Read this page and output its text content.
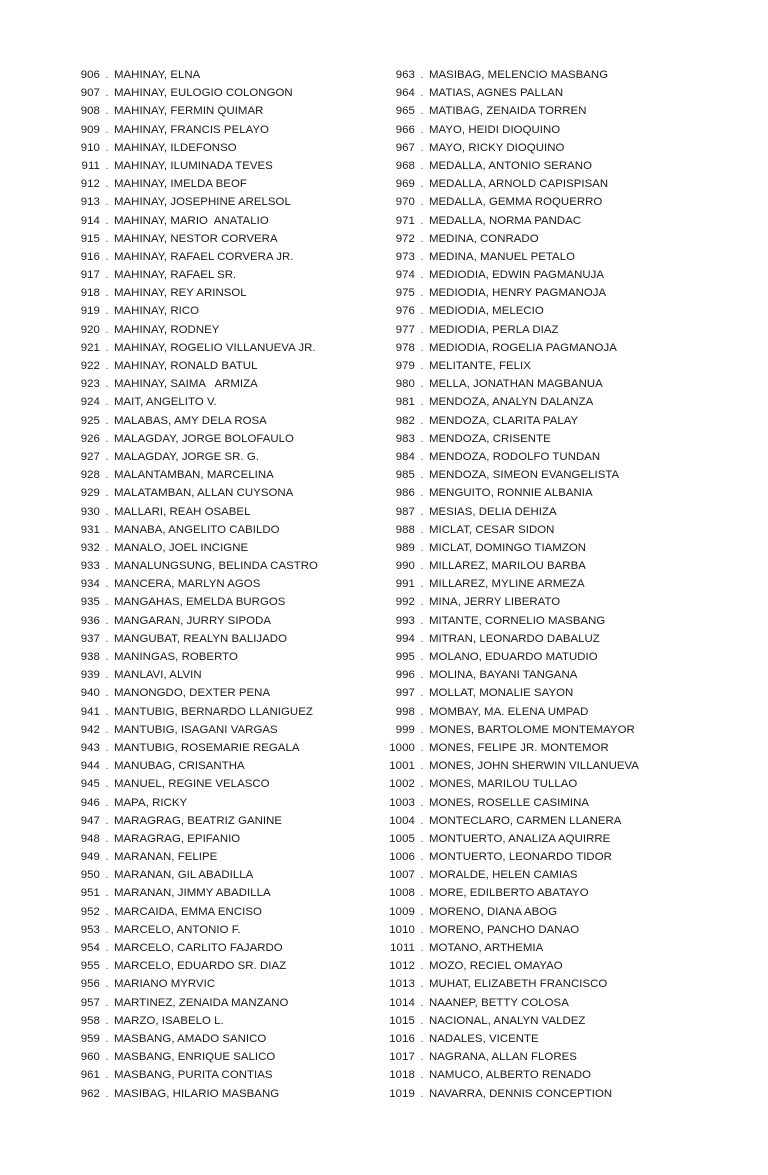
906 . MAHINAY, ELNA
907 . MAHINAY, EULOGIO COLONGON
908 . MAHINAY, FERMIN QUIMAR
909 . MAHINAY, FRANCIS PELAYO
910 . MAHINAY, ILDEFONSO
911 . MAHINAY, ILUMINADA TEVES
912 . MAHINAY, IMELDA BEOF
913 . MAHINAY, JOSEPHINE ARELSOL
914 . MAHINAY, MARIO  ANATALIO
915 . MAHINAY, NESTOR CORVERA
916 . MAHINAY, RAFAEL CORVERA JR.
917 . MAHINAY, RAFAEL SR.
918 . MAHINAY, REY ARINSOL
919 . MAHINAY, RICO
920 . MAHINAY, RODNEY
921 . MAHINAY, ROGELIO VILLANUEVA JR.
922 . MAHINAY, RONALD BATUL
923 . MAHINAY, SAIMA   ARMIZA
924 . MAIT, ANGELITO V.
925 . MALABAS, AMY DELA ROSA
926 . MALAGDAY, JORGE BOLOFAULO
927 . MALAGDAY, JORGE SR. G.
928 . MALANTAMBAN, MARCELINA
929 . MALATAMBAN, ALLAN CUYSONA
930 . MALLARI, REAH OSABEL
931 . MANABA, ANGELITO CABILDO
932 . MANALO, JOEL INCIGNE
933 . MANALUNGSUNG, BELINDA CASTRO
934 . MANCERA, MARLYN AGOS
935 . MANGAHAS, EMELDA BURGOS
936 . MANGARAN, JURRY SIPODA
937 . MANGUBAT, REALYN BALIJADO
938 . MANINGAS, ROBERTO
939 . MANLAVI, ALVIN
940 . MANONGDO, DEXTER PENA
941 . MANTUBIG, BERNARDO LLANIGUEZ
942 . MANTUBIG, ISAGANI VARGAS
943 . MANTUBIG, ROSEMARIE REGALA
944 . MANUBAG, CRISANTHA
945 . MANUEL, REGINE VELASCO
946 . MAPA, RICKY
947 . MARAGRAG, BEATRIZ GANINE
948 . MARAGRAG, EPIFANIO
949 . MARANAN, FELIPE
950 . MARANAN, GIL ABADILLA
951 . MARANAN, JIMMY ABADILLA
952 . MARCAIDA, EMMA ENCISO
953 . MARCELO, ANTONIO F.
954 . MARCELO, CARLITO FAJARDO
955 . MARCELO, EDUARDO SR. DIAZ
956 . MARIANO MYRVIC
957 . MARTINEZ, ZENAIDA MANZANO
958 . MARZO, ISABELO L.
959 . MASBANG, AMADO SANICO
960 . MASBANG, ENRIQUE SALICO
961 . MASBANG, PURITA CONTIAS
962 . MASIBAG, HILARIO MASBANG
963 . MASIBAG, MELENCIO MASBANG
964 . MATIAS, AGNES PALLAN
965 . MATIBAG, ZENAIDA TORREN
966 . MAYO, HEIDI DIOQUINO
967 . MAYO, RICKY DIOQUINO
968 . MEDALLA, ANTONIO SERANO
969 . MEDALLA, ARNOLD CAPISPISAN
970 . MEDALLA, GEMMA ROQUERRO
971 . MEDALLA, NORMA PANDAC
972 . MEDINA, CONRADO
973 . MEDINA, MANUEL PETALO
974 . MEDIODIA, EDWIN PAGMANUJA
975 . MEDIODIA, HENRY PAGMANOJA
976 . MEDIODIA, MELECIO
977 . MEDIODIA, PERLA DIAZ
978 . MEDIODIA, ROGELIA PAGMANOJA
979 . MELITANTE, FELIX
980 . MELLA, JONATHAN MAGBANUA
981 . MENDOZA, ANALYN DALANZA
982 . MENDOZA, CLARITA PALAY
983 . MENDOZA, CRISENTE
984 . MENDOZA, RODOLFO TUNDAN
985 . MENDOZA, SIMEON EVANGELISTA
986 . MENGUITO, RONNIE ALBANIA
987 . MESIAS, DELIA DEHIZA
988 . MICLAT, CESAR SIDON
989 . MICLAT, DOMINGO TIAMZON
990 . MILLAREZ, MARILOU BARBA
991 . MILLAREZ, MYLINE ARMEZA
992 . MINA, JERRY LIBERATO
993 . MITANTE, CORNELIO MASBANG
994 . MITRAN, LEONARDO DABALUZ
995 . MOLANO, EDUARDO MATUDIO
996 . MOLINA, BAYANI TANGANA
997 . MOLLAT, MONALIE SAYON
998 . MOMBAY, MA. ELENA UMPAD
999 . MONES, BARTOLOME MONTEMAYOR
1000 . MONES, FELIPE JR. MONTEMOR
1001 . MONES, JOHN SHERWIN VILLANUEVA
1002 . MONES, MARILOU TULLAO
1003 . MONES, ROSELLE CASIMINA
1004 . MONTECLARO, CARMEN LLANERA
1005 . MONTUERTO, ANALIZA AQUIRRE
1006 . MONTUERTO, LEONARDO TIDOR
1007 . MORALDE, HELEN CAMIAS
1008 . MORE, EDILBERTO ABATAYO
1009 . MORENO, DIANA ABOG
1010 . MORENO, PANCHO DANAO
1011 . MOTANO, ARTHEMIA
1012 . MOZO, RECIEL OMAYAO
1013 . MUHAT, ELIZABETH FRANCISCO
1014 . NAANEP, BETTY COLOSA
1015 . NACIONAL, ANALYN VALDEZ
1016 . NADALES, VICENTE
1017 . NAGRANA, ALLAN FLORES
1018 . NAMUCO, ALBERTO RENADO
1019 . NAVARRA, DENNIS CONCEPTION
